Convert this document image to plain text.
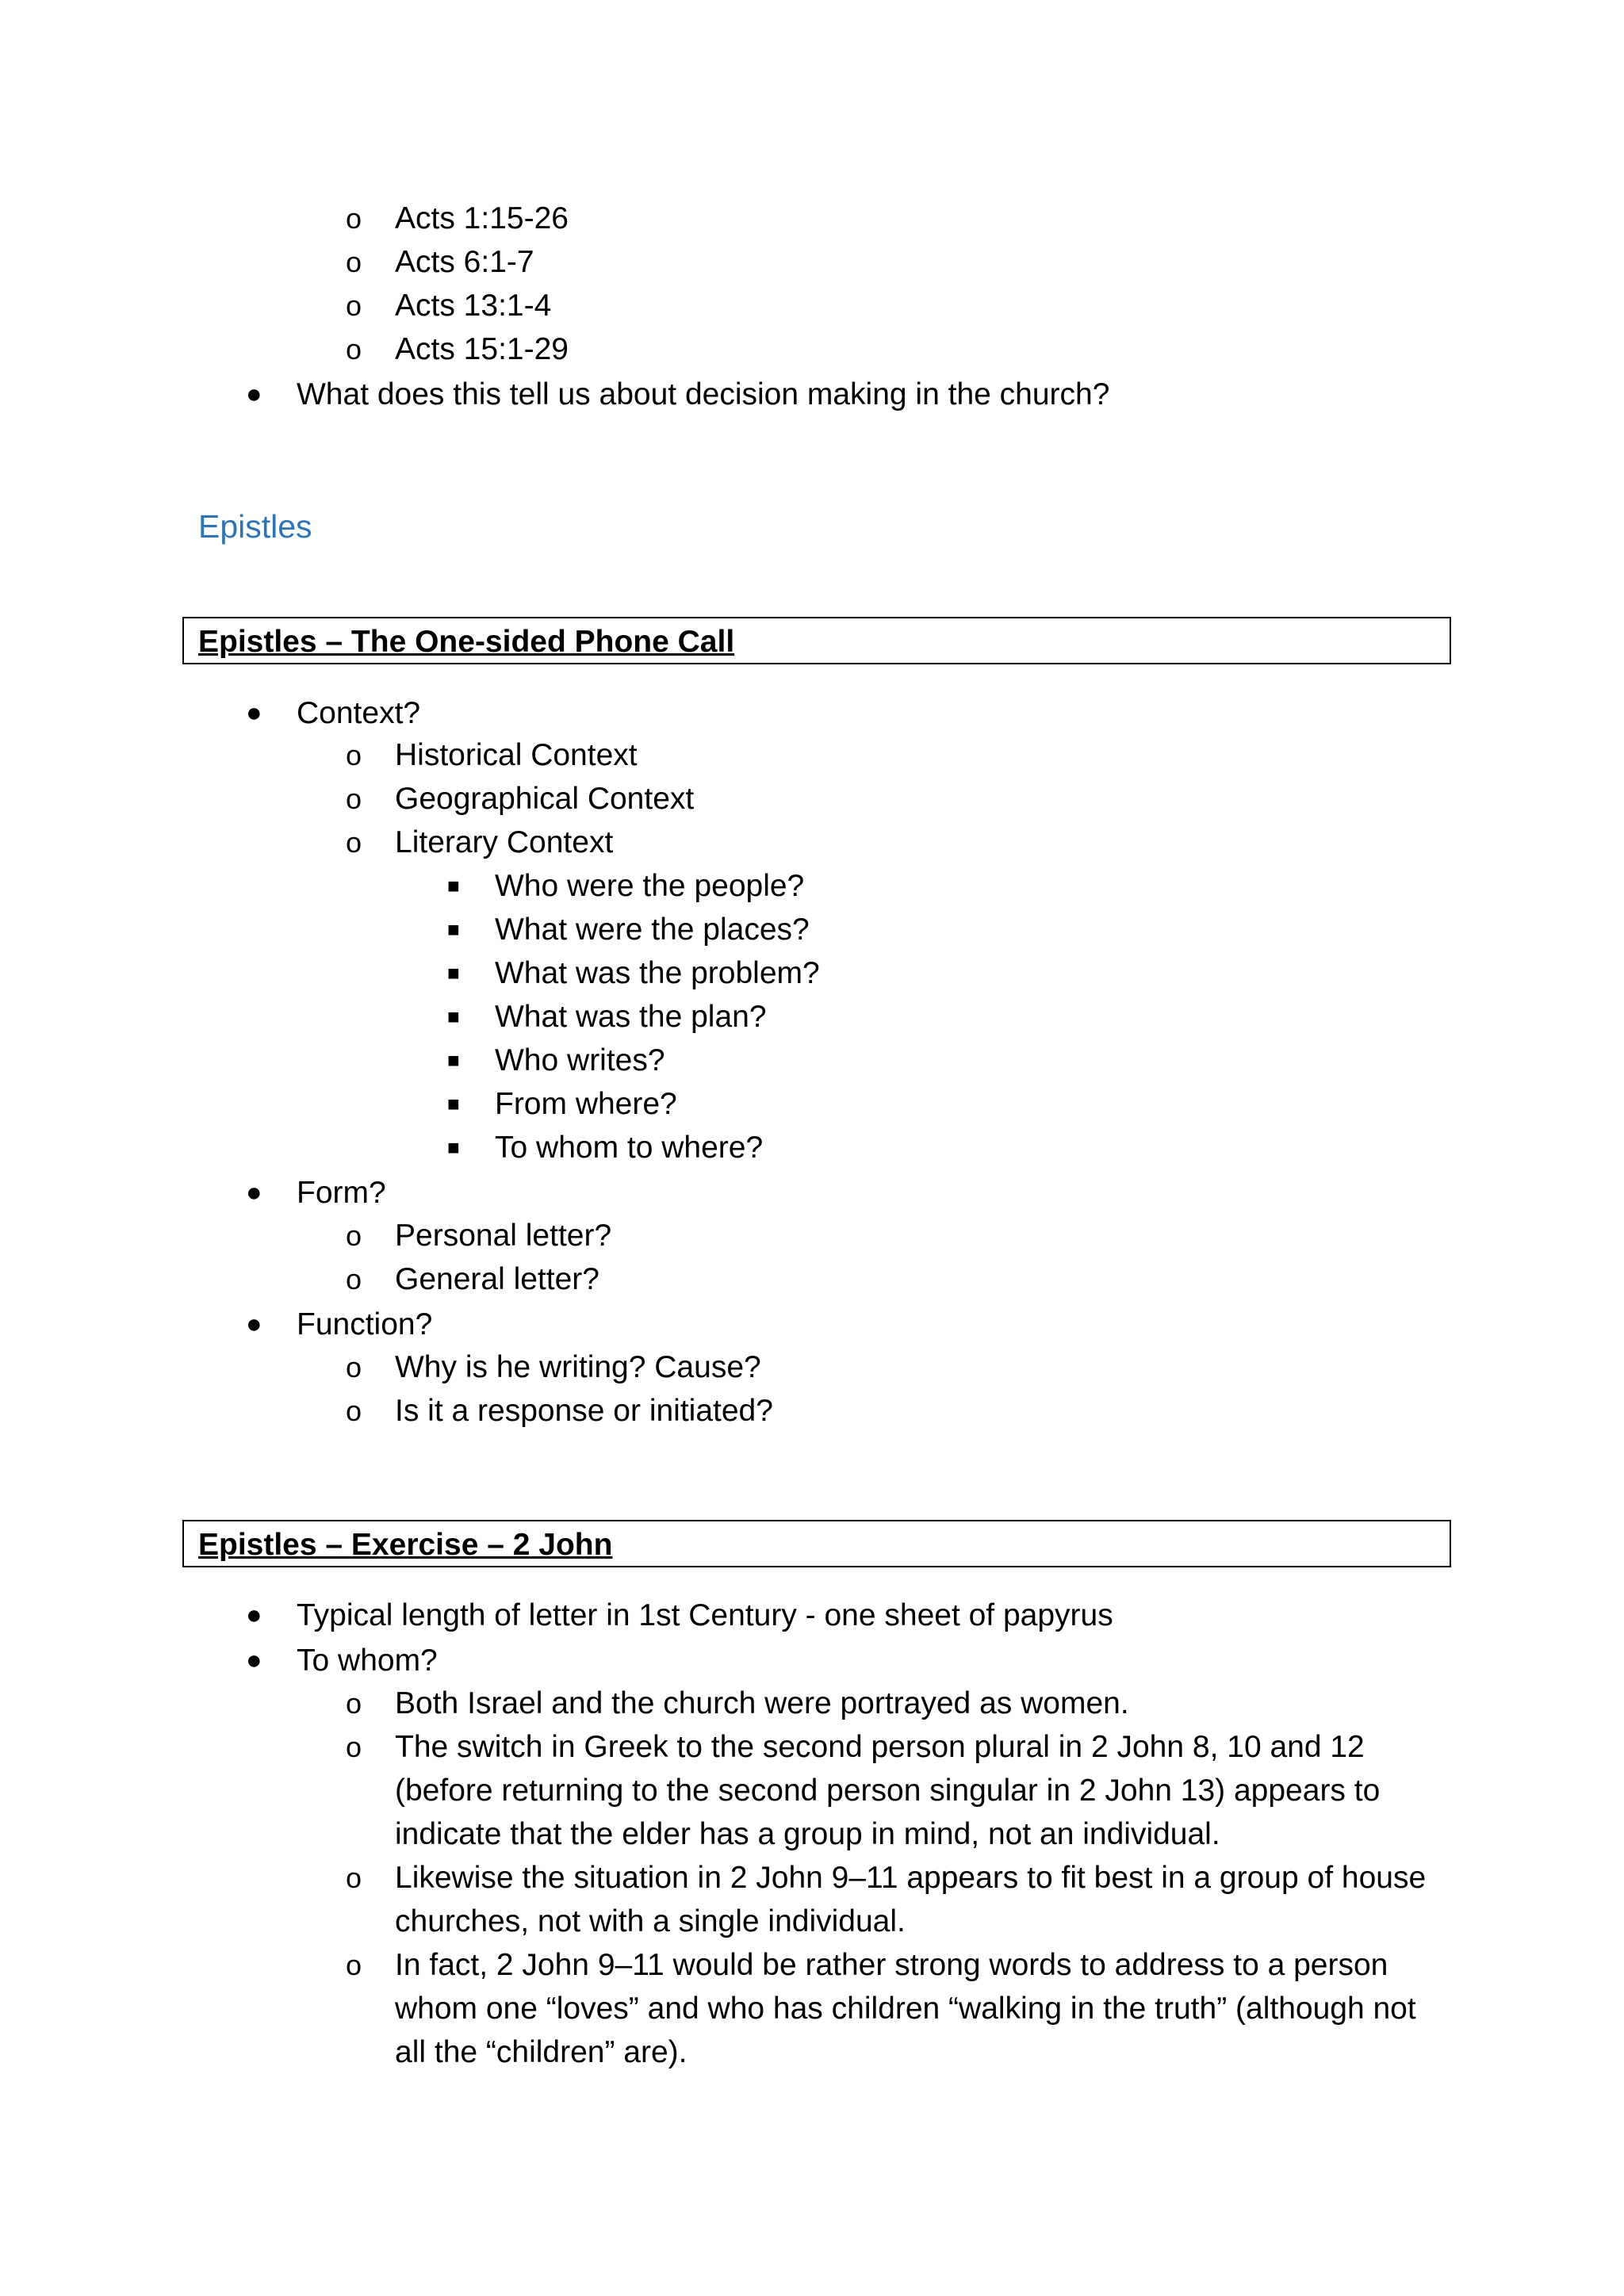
o Acts 1:15-26
o Acts 6:1-7
o Acts 13:1-4
o Acts 15:1-29
● What does this tell us about decision making in the church?
Epistles
Epistles – The One-sided Phone Call
● Context?
o Historical Context
o Geographical Context
o Literary Context
■ Who were the people?
■ What were the places?
■ What was the problem?
■ What was the plan?
■ Who writes?
■ From where?
■ To whom to where?
● Form?
o Personal letter?
o General letter?
● Function?
o Why is he writing? Cause?
o Is it a response or initiated?
Epistles – Exercise – 2 John
● Typical length of letter in 1st Century - one sheet of papyrus
● To whom?
o Both Israel and the church were portrayed as women.
o The switch in Greek to the second person plural in 2 John 8, 10 and 12
(before returning to the second person singular in 2 John 13) appears to
indicate that the elder has a group in mind, not an individual.
o Likewise the situation in 2 John 9–11 appears to fit best in a group of house
churches, not with a single individual.
o In fact, 2 John 9–11 would be rather strong words to address to a person
whom one “loves” and who has children “walking in the truth” (although not
all the “children” are).
